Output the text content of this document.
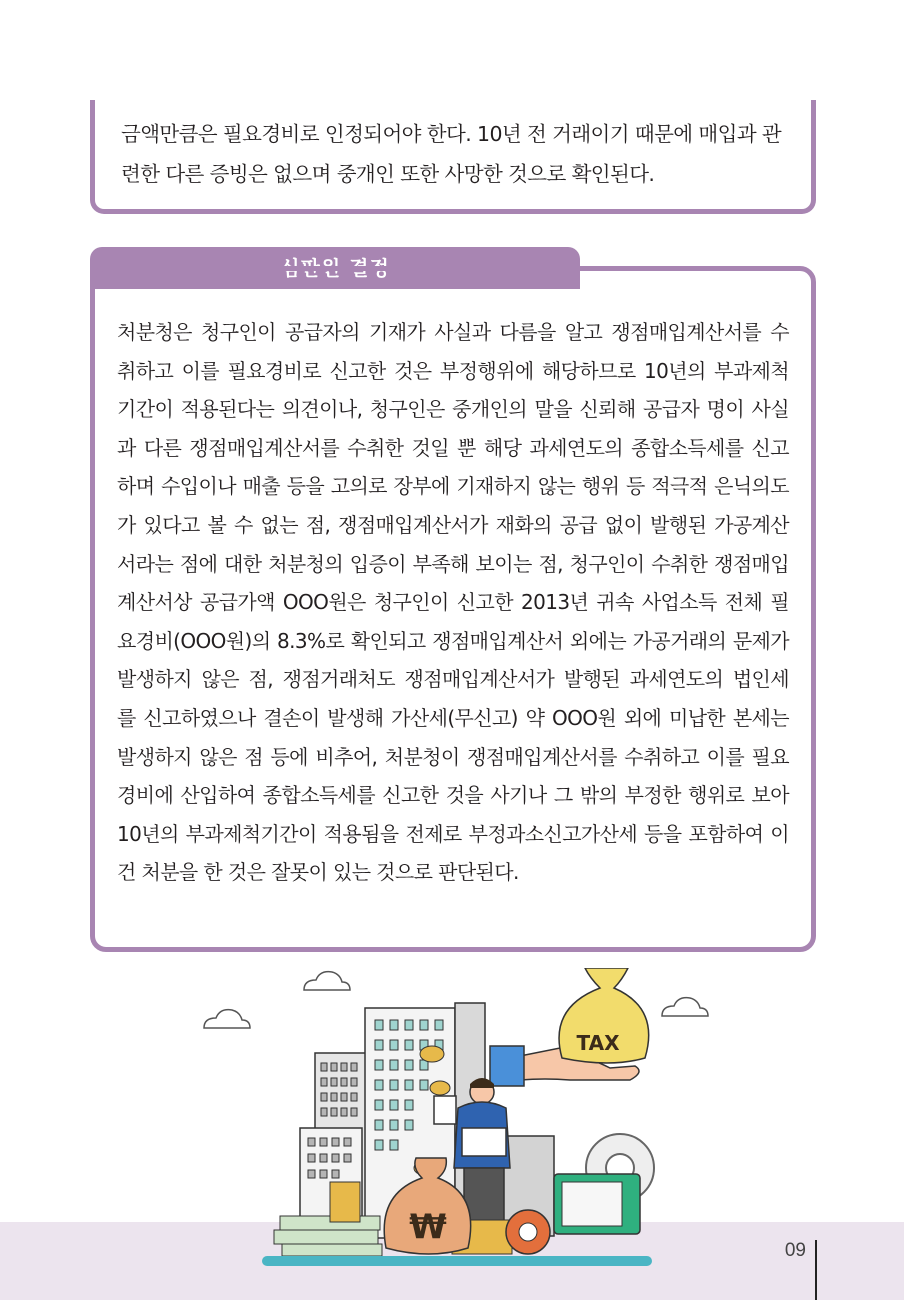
금액만큼은 필요경비로 인정되어야 한다. 10년 전 거래이기 때문에 매입과 관
련한 다른 증빙은 없으며 중개인 또한 사망한 것으로 확인된다.

심판원 결정
처분청은 청구인이 공급자의 기재가 사실과 다름을 알고 쟁점매입계산서를 수
취하고 이를 필요경비로 신고한 것은 부정행위에 해당하므로 10년의 부과제척
기간이 적용된다는 의견이나, 청구인은 중개인의 말을 신뢰해 공급자 명이 사실
과 다른 쟁점매입계산서를 수취한 것일 뿐 해당 과세연도의 종합소득세를 신고
하며 수입이나 매출 등을 고의로 장부에 기재하지 않는 행위 등 적극적 은닉의도
가 있다고 볼 수 없는 점, 쟁점매입계산서가 재화의 공급 없이 발행된 가공계산
서라는 점에 대한 처분청의 입증이 부족해 보이는 점, 청구인이 수취한 쟁점매입
계산서상 공급가액 OOO원은 청구인이 신고한 2013년 귀속 사업소득 전체 필
요경비(OOO원)의 8.3%로 확인되고 쟁점매입계산서 외에는 가공거래의 문제가
발생하지 않은 점, 쟁점거래처도 쟁점매입계산서가 발행된 과세연도의 법인세
를 신고하였으나 결손이 발생해 가산세(무신고) 약 OOO원 외에 미납한 본세는
발생하지 않은 점 등에 비추어, 처분청이 쟁점매입계산서를 수취하고 이를 필요
경비에 산입하여 종합소득세를 신고한 것을 사기나 그 밖의 부정한 행위로 보아
10년의 부과제척기간이 적용됨을 전제로 부정과소신고가산세 등을 포함하여 이
건 처분을 한 것은 잘못이 있는 것으로 판단된다.
TAX
₩
09
